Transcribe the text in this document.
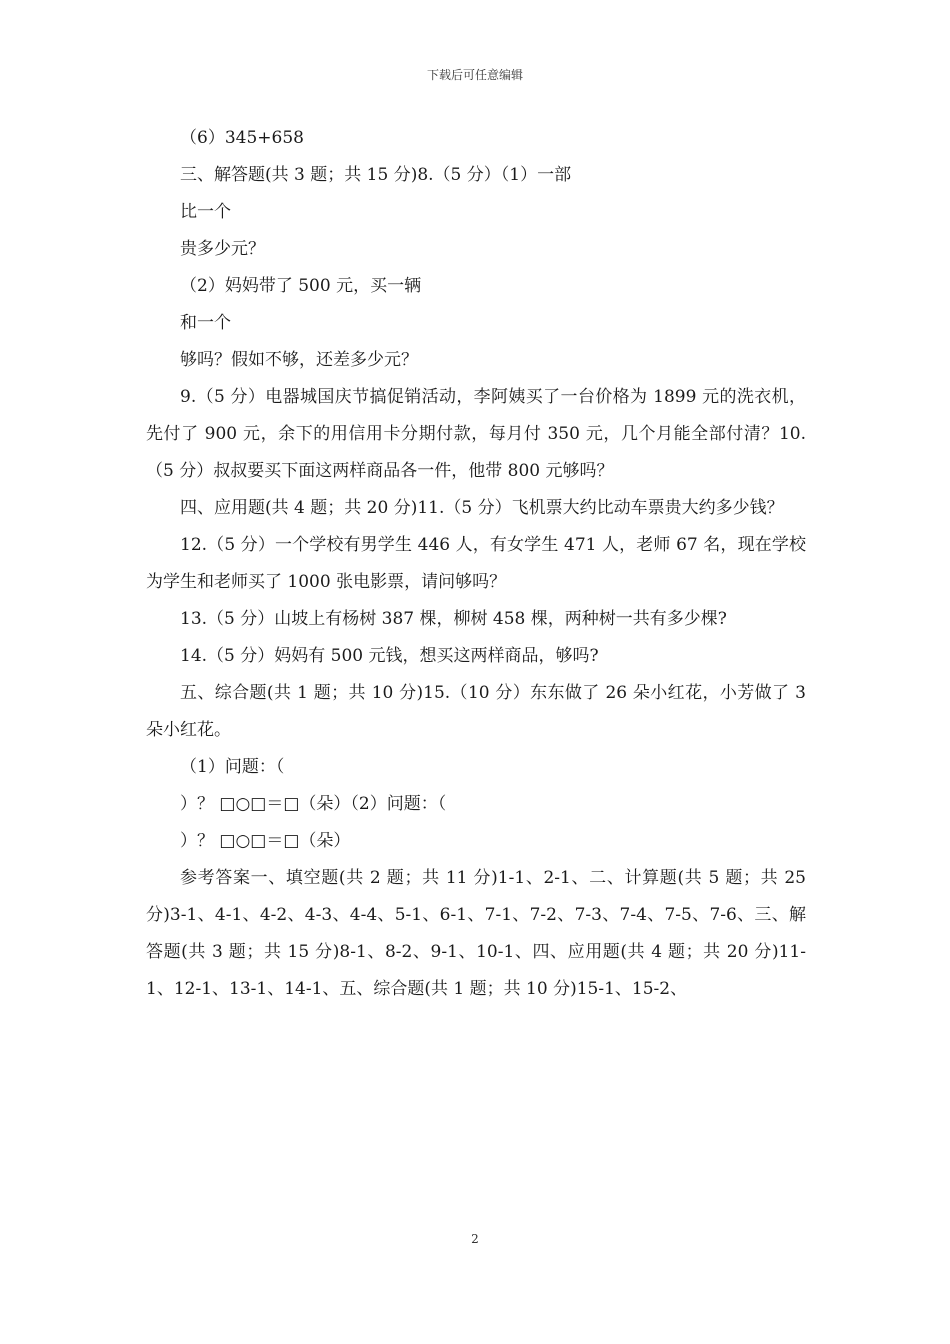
下载后可任意编辑

（6）345+658

三、解答题(共 3 题；共 15 分)8.（5 分）（1）一部

比一个

贵多少元？

（2）妈妈带了 500 元，买一辆

和一个

够吗？假如不够，还差多少元？

9.（5 分）电器城国庆节搞促销活动，李阿姨买了一台价格为 1899 元的洗衣机，先付了 900 元，余下的用信用卡分期付款，每月付 350 元，几个月能全部付清？10.（5 分）叔叔要买下面这两样商品各一件，他带 800 元够吗？

四、应用题(共 4 题；共 20 分)11.（5 分）飞机票大约比动车票贵大约多少钱？

12.（5 分）一个学校有男学生 446 人，有女学生 471 人，老师 67 名，现在学校为学生和老师买了 1000 张电影票，请问够吗？

13.（5 分）山坡上有杨树 387 棵，柳树 458 棵，两种树一共有多少棵?

14.（5 分）妈妈有 500 元钱，想买这两样商品，够吗?

五、综合题(共 1 题；共 10 分)15.（10 分）东东做了 26 朵小红花，小芳做了 3 朵小红花。

（1）问题：（

）？ □○□＝□（朵）（2）问题：（

）？ □○□＝□（朵）

参考答案一、填空题(共 2 题；共 11 分)1-1、2-1、二、计算题(共 5 题；共 25 分)3-1、4-1、4-2、4-3、4-4、5-1、6-1、7-1、7-2、7-3、7-4、7-5、7-6、三、解答题(共 3 题；共 15 分)8-1、8-2、9-1、10-1、四、应用题(共 4 题；共 20 分)11-1、12-1、13-1、14-1、五、综合题(共 1 题；共 10 分)15-1、15-2、

2
